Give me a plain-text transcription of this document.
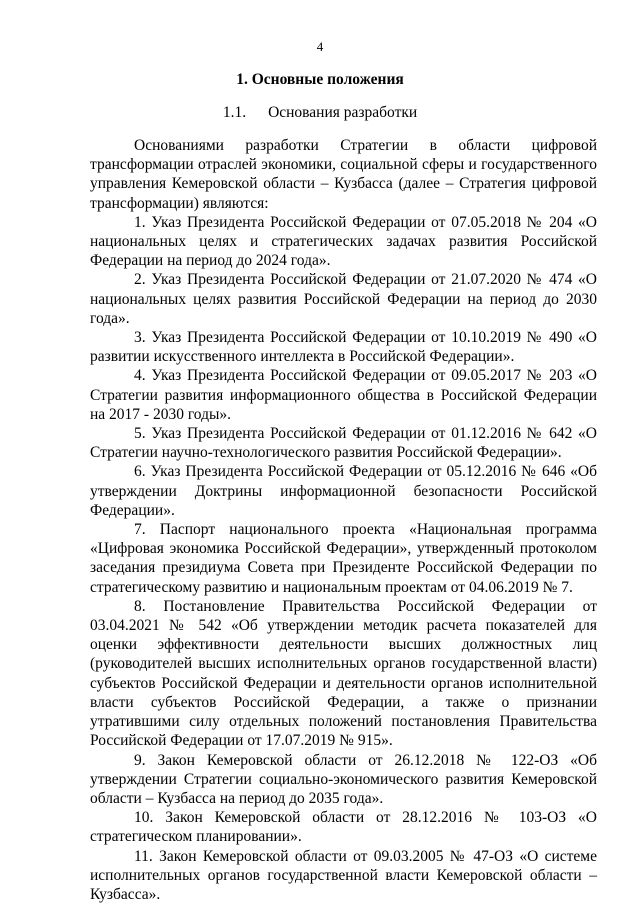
4
1. Основные положения
1.1. Основания разработки

Основаниями разработки Стратегии в области цифровой трансформации отраслей экономики, социальной сферы и государственного управления Кемеровской области – Кузбасса (далее – Стратегия цифровой трансформации) являются:

1. Указ Президента Российской Федерации от 07.05.2018 № 204 «О национальных целях и стратегических задачах развития Российской Федерации на период до 2024 года».

2. Указ Президента Российской Федерации от 21.07.2020 № 474 «О национальных целях развития Российской Федерации на период до 2030 года».

3. Указ Президента Российской Федерации от 10.10.2019 № 490 «О развитии искусственного интеллекта в Российской Федерации».

4. Указ Президента Российской Федерации от 09.05.2017 № 203 «О Стратегии развития информационного общества в Российской Федерации на 2017 - 2030 годы».

5. Указ Президента Российской Федерации от 01.12.2016 № 642 «О Стратегии научно-технологического развития Российской Федерации».

6. Указ Президента Российской Федерации от 05.12.2016 № 646 «Об утверждении Доктрины информационной безопасности Российской Федерации».

7. Паспорт национального проекта «Национальная программа «Цифровая экономика Российской Федерации», утвержденный протоколом заседания президиума Совета при Президенте Российской Федерации по стратегическому развитию и национальным проектам от 04.06.2019 № 7.

8. Постановление Правительства Российской Федерации от 03.04.2021 № 542 «Об утверждении методик расчета показателей для оценки эффективности деятельности высших должностных лиц (руководителей высших исполнительных органов государственной власти) субъектов Российской Федерации и деятельности органов исполнительной власти субъектов Российской Федерации, а также о признании утратившими силу отдельных положений постановления Правительства Российской Федерации от 17.07.2019 № 915».

9. Закон Кемеровской области от 26.12.2018 № 122-ОЗ «Об утверждении Стратегии социально-экономического развития Кемеровской области – Кузбасса на период до 2035 года».

10. Закон Кемеровской области от 28.12.2016 № 103-ОЗ «О стратегическом планировании».

11. Закон Кемеровской области от 09.03.2005 № 47-ОЗ «О системе исполнительных органов государственной власти Кемеровской области – Кузбасса».
